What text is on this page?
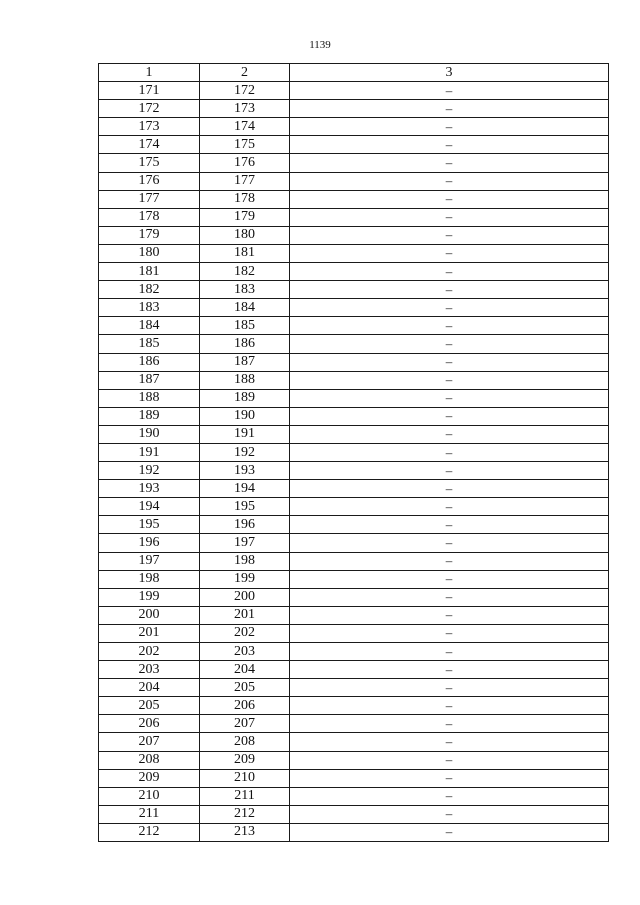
1139
1	2	3
171	172	–
172	173	–
173	174	–
174	175	–
175	176	–
176	177	–
177	178	–
178	179	–
179	180	–
180	181	–
181	182	–
182	183	–
183	184	–
184	185	–
185	186	–
186	187	–
187	188	–
188	189	–
189	190	–
190	191	–
191	192	–
192	193	–
193	194	–
194	195	–
195	196	–
196	197	–
197	198	–
198	199	–
199	200	–
200	201	–
201	202	–
202	203	–
203	204	–
204	205	–
205	206	–
206	207	–
207	208	–
208	209	–
209	210	–
210	211	–
211	212	–
212	213	–
